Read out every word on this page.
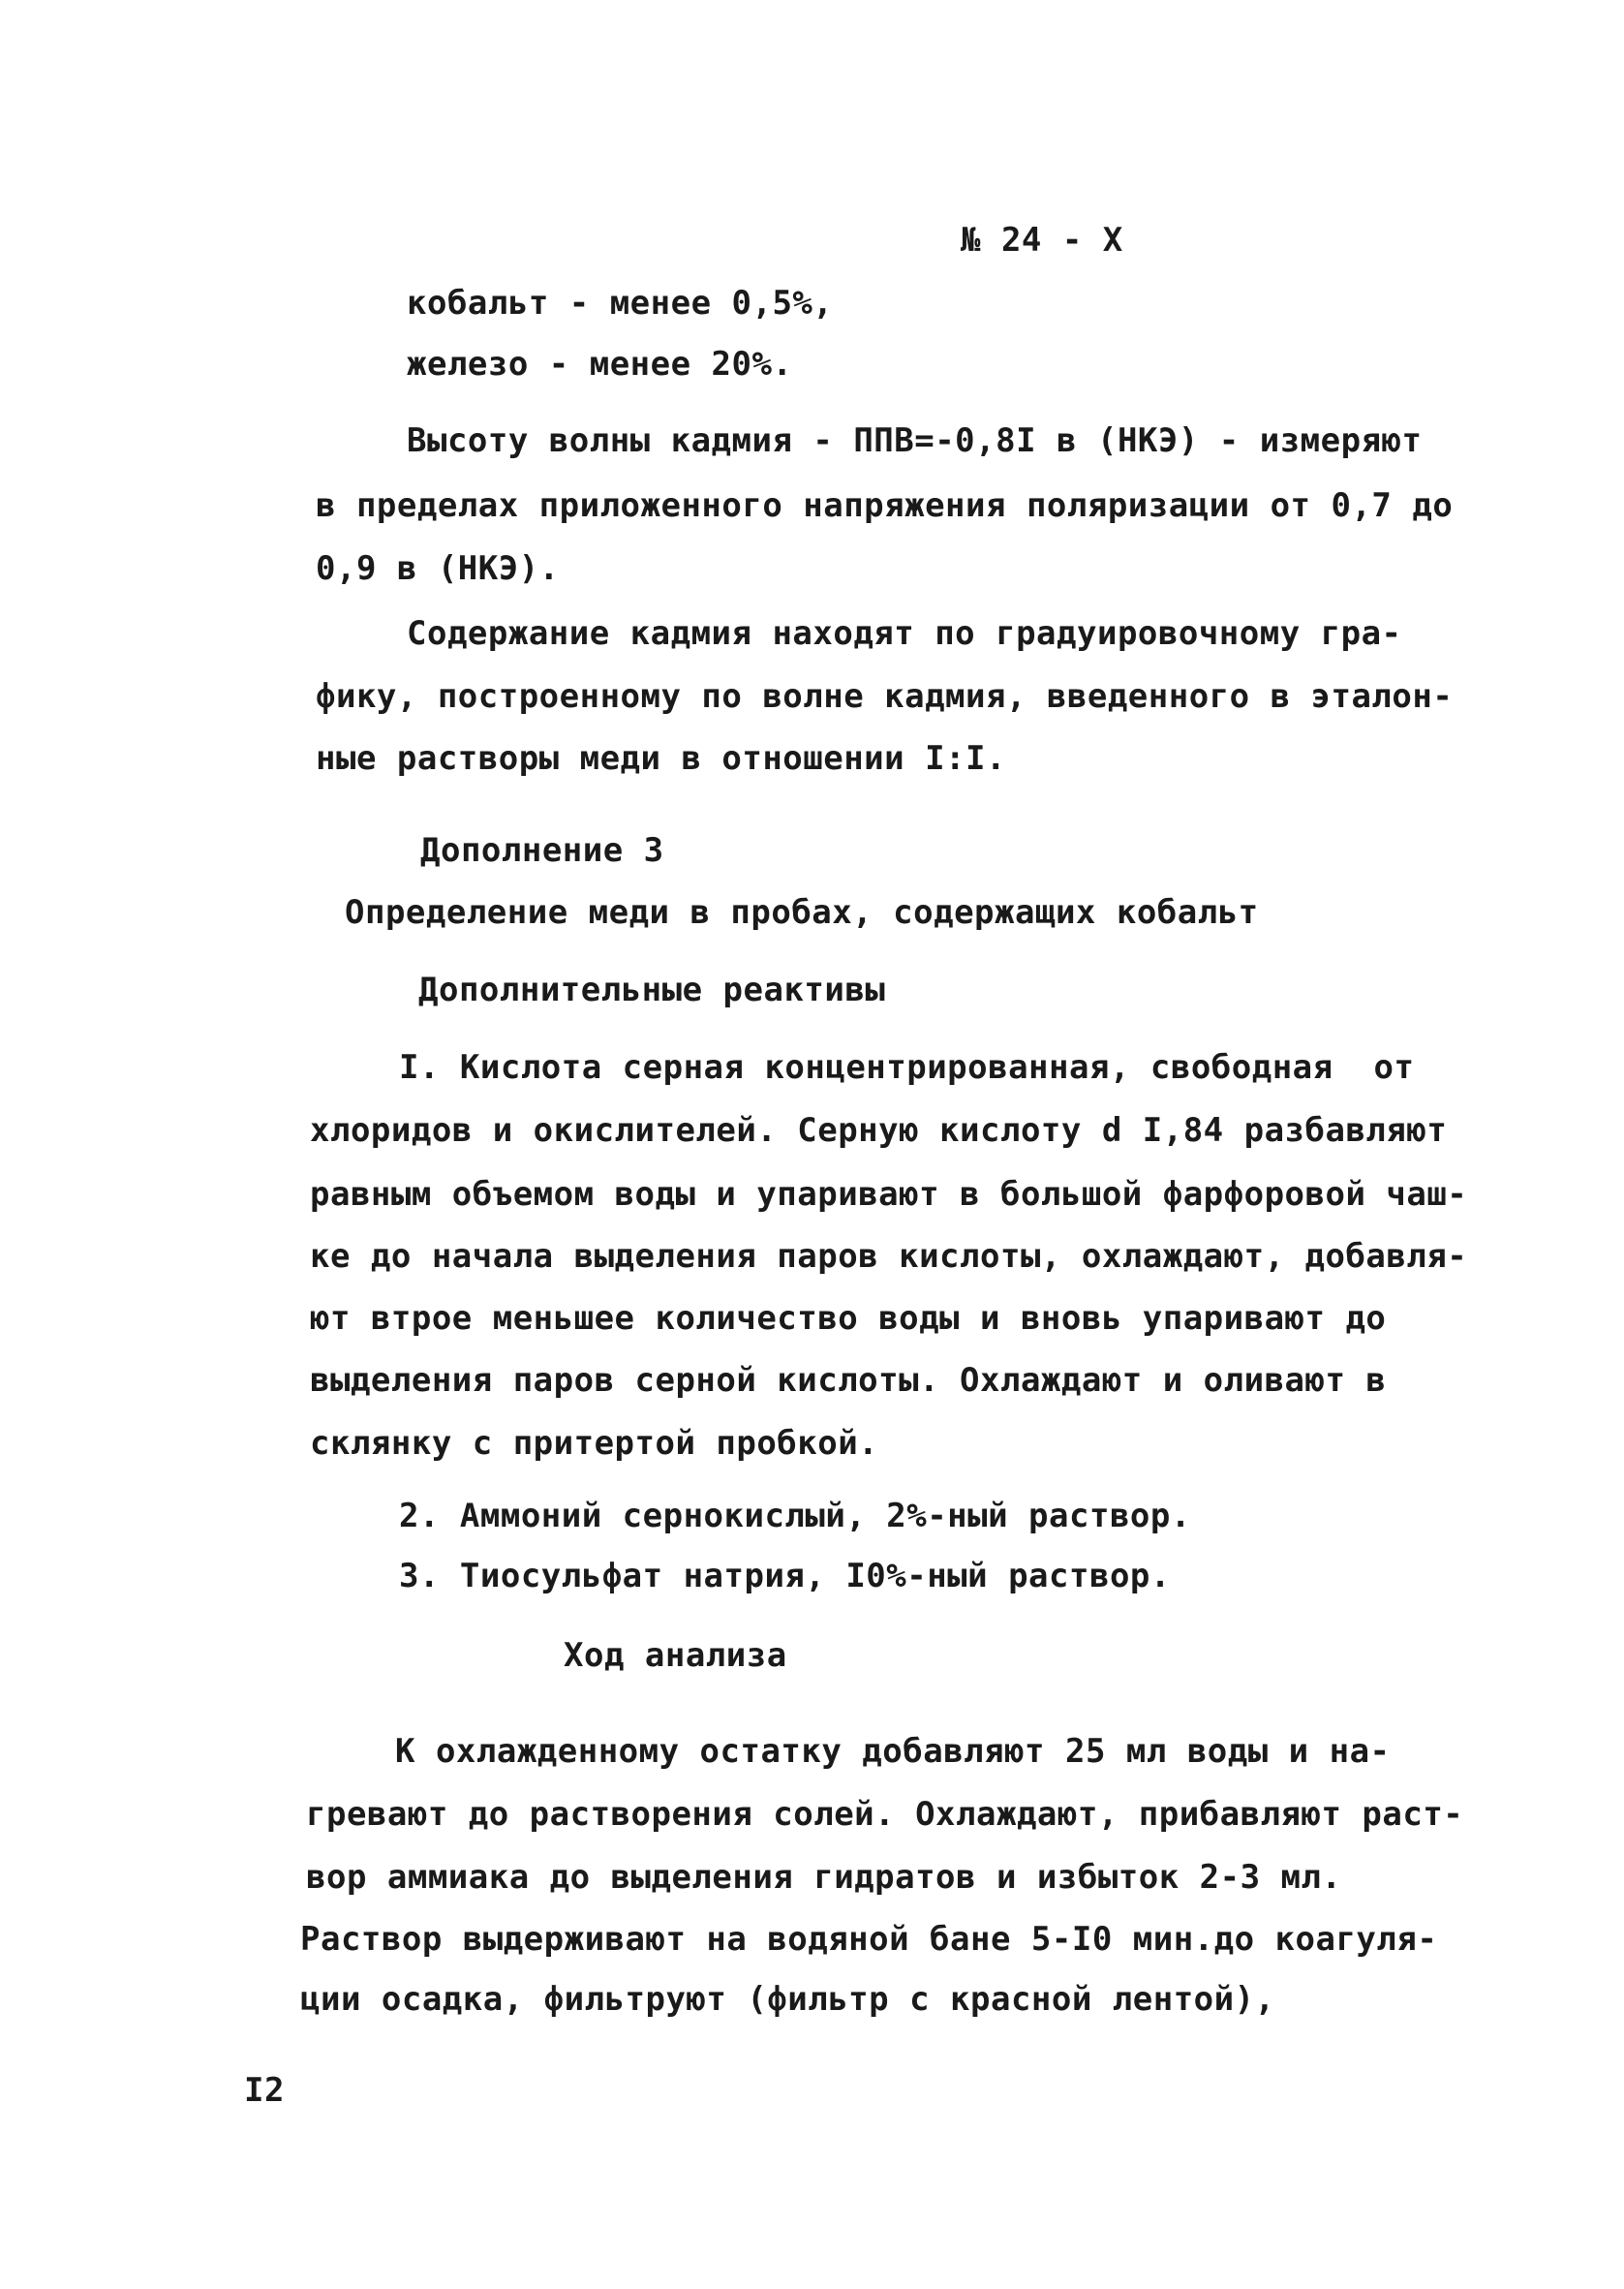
№ 24 - X
кобальт - менее 0,5%,
железо - менее 20%.
Высоту волны кадмия - ППВ=-0,8I в (НКЭ) - измеряют
в пределах приложенного напряжения поляризации от 0,7 до
0,9 в (НКЭ).
Содержание кадмия находят по градуировочному гра-
фику, построенному по волне кадмия, введенного в эталон-
ные растворы меди в отношении I:I.
Дополнение 3
Определение меди в пробах, содержащих кобальт
Дополнительные реактивы
I. Кислота серная концентрированная, свободная  от
хлоридов и окислителей. Серную кислоту d I,84 разбавляют
равным объемом воды и упаривают в большой фарфоровой чаш-
ке до начала выделения паров кислоты, охлаждают, добавля-
ют втрое меньшее количество воды и вновь упаривают до
выделения паров серной кислоты. Охлаждают и оливают в
склянку с притертой пробкой.
2. Аммоний сернокислый, 2%-ный раствор.
3. Тиосульфат натрия, I0%-ный раствор.
Ход анализа
К охлажденному остатку добавляют 25 мл воды и на-
гревают до растворения солей. Охлаждают, прибавляют раст-
вор аммиака до выделения гидратов и избыток 2-3 мл.
Раствор выдерживают на водяной бане 5-I0 мин.до коагуля-
ции осадка, фильтруют (фильтр с красной лентой),
I2
